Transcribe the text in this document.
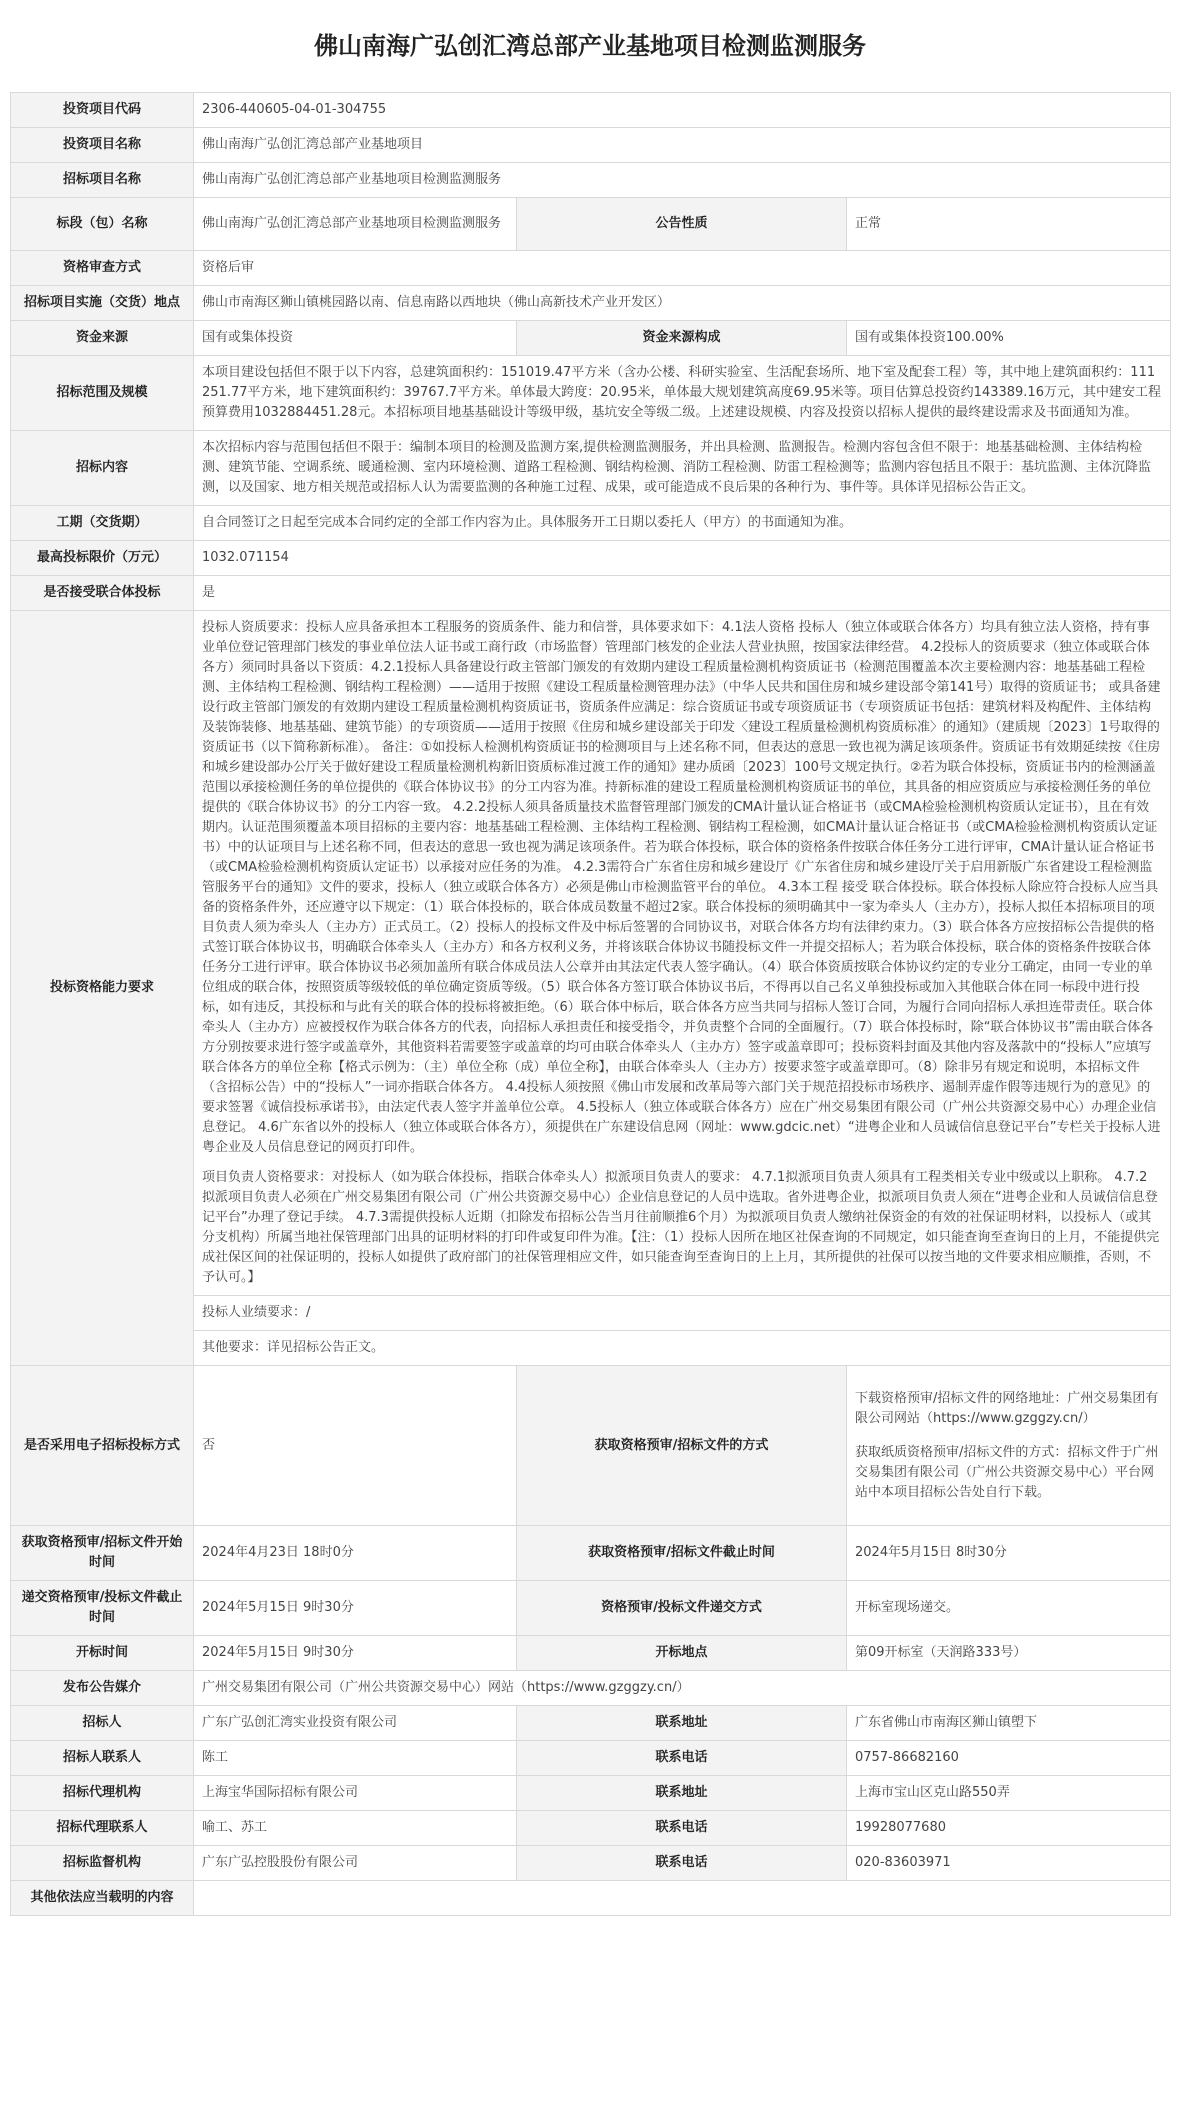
佛山南海广弘创汇湾总部产业基地项目检测监测服务
投资项目代码	2306-440605-04-01-304755		
投资项目名称	佛山南海广弘创汇湾总部产业基地项目		
招标项目名称	佛山南海广弘创汇湾总部产业基地项目检测监测服务		
标段（包）名称	佛山南海广弘创汇湾总部产业基地项目检测监测服务	公告性质	正常
资格审查方式	资格后审		
招标项目实施（交货）地点	佛山市南海区狮山镇桃园路以南、信息南路以西地块（佛山高新技术产业开发区）		
资金来源	国有或集体投资	资金来源构成	国有或集体投资100.00%
招标范围及规模	本项目建设包括但不限于以下内容，总建筑面积约：151019.47平方米（含办公楼、科研实验室、生活配套场所、地下室及配套工程）等，其中地上建筑面积约：111251.77平方米，地下建筑面积约：39767.7平方米。单体最大跨度：20.95米，单体最大规划建筑高度69.95米等。项目估算总投资约143389.16万元，其中建安工程预算费用1032884451.28元。本招标项目地基基础设计等级甲级，基坑安全等级二级。上述建设规模、内容及投资以招标人提供的最终建设需求及书面通知为准。		
招标内容	本次招标内容与范围包括但不限于：编制本项目的检测及监测方案,提供检测监测服务，并出具检测、监测报告。检测内容包含但不限于：地基基础检测、主体结构检测、建筑节能、空调系统、暖通检测、室内环境检测、道路工程检测、钢结构检测、消防工程检测、防雷工程检测等；监测内容包括且不限于：基坑监测、主体沉降监测，以及国家、地方相关规范或招标人认为需要监测的各种施工过程、成果，或可能造成不良后果的各种行为、事件等。具体详见招标公告正文。		
工期（交货期）	自合同签订之日起至完成本合同约定的全部工作内容为止。具体服务开工日期以委托人（甲方）的书面通知为准。		
最高投标限价（万元）	1032.071154		
是否接受联合体投标	是		
投标资格能力要求	投标人资质要求：投标人应具备承担本工程服务的资质条件、能力和信誉，具体要求如下：4.1法人资格 投标人（独立体或联合体各方）均具有独立法人资格，持有事业单位登记管理部门核发的事业单位法人证书或工商行政（市场监督）管理部门核发的企业法人营业执照，按国家法律经营。 4.2投标人的资质要求（独立体或联合体各方）须同时具备以下资质：4.2.1投标人具备建设行政主管部门颁发的有效期内建设工程质量检测机构资质证书（检测范围覆盖本次主要检测内容：地基基础工程检测、主体结构工程检测、钢结构工程检测）——适用于按照《建设工程质量检测管理办法》（中华人民共和国住房和城乡建设部令第141号）取得的资质证书； 或具备建设行政主管部门颁发的有效期内建设工程质量检测机构资质证书，资质条件应满足：综合资质证书或专项资质证书（专项资质证书包括：建筑材料及构配件、主体结构及装饰装修、地基基础、建筑节能）的专项资质——适用于按照《住房和城乡建设部关于印发〈建设工程质量检测机构资质标准〉的通知》（建质规〔2023〕1号取得的资质证书（以下简称新标准）。 备注：①如投标人检测机构资质证书的检测项目与上述名称不同，但表达的意思一致也视为满足该项条件。资质证书有效期延续按《住房和城乡建设部办公厅关于做好建设工程质量检测机构新旧资质标准过渡工作的通知》建办质函〔2023〕100号文规定执行。②若为联合体投标，资质证书内的检测涵盖范围以承接检测任务的单位提供的《联合体协议书》的分工内容为准。持新标准的建设工程质量检测机构资质证书的单位，其具备的相应资质应与承接检测任务的单位提供的《联合体协议书》的分工内容一致。 4.2.2投标人须具备质量技术监督管理部门颁发的CMA计量认证合格证书（或CMA检验检测机构资质认定证书），且在有效期内。认证范围须覆盖本项目招标的主要内容：地基基础工程检测、主体结构工程检测、钢结构工程检测，如CMA计量认证合格证书（或CMA检验检测机构资质认定证书）中的认证项目与上述名称不同，但表达的意思一致也视为满足该项条件。若为联合体投标，联合体的资格条件按联合体任务分工进行评审，CMA计量认证合格证书（或CMA检验检测机构资质认定证书）以承接对应任务的为准。 4.2.3需符合广东省住房和城乡建设厅《广东省住房和城乡建设厅关于启用新版广东省建设工程检测监管服务平台的通知》文件的要求，投标人（独立或联合体各方）必须是佛山市检测监管平台的单位。 4.3本工程 接受 联合体投标。联合体投标人除应符合投标人应当具备的资格条件外，还应遵守以下规定：（1）联合体投标的，联合体成员数量不超过2家。联合体投标的须明确其中一家为牵头人（主办方），投标人拟任本招标项目的项目负责人须为牵头人（主办方）正式员工。（2）投标人的投标文件及中标后签署的合同协议书，对联合体各方均有法律约束力。（3）联合体各方应按招标公告提供的格式签订联合体协议书，明确联合体牵头人（主办方）和各方权利义务，并将该联合体协议书随投标文件一并提交招标人；若为联合体投标，联合体的资格条件按联合体任务分工进行评审。联合体协议书必须加盖所有联合体成员法人公章并由其法定代表人签字确认。（4）联合体资质按联合体协议约定的专业分工确定，由同一专业的单位组成的联合体，按照资质等级较低的单位确定资质等级。（5）联合体各方签订联合体协议书后，不得再以自己名义单独投标或加入其他联合体在同一标段中进行投标，如有违反，其投标和与此有关的联合体的投标将被拒绝。（6）联合体中标后，联合体各方应当共同与招标人签订合同，为履行合同向招标人承担连带责任。联合体牵头人（主办方）应被授权作为联合体各方的代表，向招标人承担责任和接受指令，并负责整个合同的全面履行。（7）联合体投标时，除“联合体协议书”需由联合体各方分别按要求进行签字或盖章外，其他资料若需要签字或盖章的均可由联合体牵头人（主办方）签字或盖章即可；投标资料封面及其他内容及落款中的“投标人”应填写联合体各方的单位全称【格式示例为：（主）单位全称（成）单位全称】，由联合体牵头人（主办方）按要求签字或盖章即可。（8）除非另有规定和说明，本招标文件（含招标公告）中的“投标人”一词亦指联合体各方。 4.4投标人须按照《佛山市发展和改革局等六部门关于规范招投标市场秩序、遏制弄虚作假等违规行为的意见》的要求签署《诚信投标承诺书》，由法定代表人签字并盖单位公章。 4.5投标人（独立体或联合体各方）应在广州交易集团有限公司（广州公共资源交易中心）办理企业信息登记。 4.6广东省以外的投标人（独立体或联合体各方），须提供在广东建设信息网（网址：www.gdcic.net）“进粤企业和人员诚信信息登记平台”专栏关于投标人进粤企业及人员信息登记的网页打印件。

项目负责人资格要求：对投标人（如为联合体投标，指联合体牵头人）拟派项目负责人的要求： 4.7.1拟派项目负责人须具有工程类相关专业中级或以上职称。 4.7.2 拟派项目负责人必须在广州交易集团有限公司（广州公共资源交易中心）企业信息登记的人员中选取。省外进粤企业，拟派项目负责人须在“进粤企业和人员诚信信息登记平台”办理了登记手续。 4.7.3需提供投标人近期（扣除发布招标公告当月往前顺推6个月）为拟派项目负责人缴纳社保资金的有效的社保证明材料，以投标人（或其分支机构）所属当地社保管理部门出具的证明材料的打印件或复印件为准。【注：（1）投标人因所在地区社保查询的不同规定，如只能查询至查询日的上月，不能提供完成社保区间的社保证明的，投标人如提供了政府部门的社保管理相应文件，如只能查询至查询日的上上月，其所提供的社保可以按当地的文件要求相应顺推，否则，不予认可。】		

	投标人业绩要求：/		
	其他要求：详见招标公告正文。		
是否采用电子招标投标方式	否	获取资格预审/招标文件的方式	下载资格预审/招标文件的网络地址：广州交易集团有限公司网站（https://www.gzggzy.cn/）

获取纸质资格预审/招标文件的方式：招标文件于广州交易集团有限公司（广州公共资源交易中心）平台网站中本项目招标公告处自行下载。

获取资格预审/招标文件开始时间	2024年4月23日 18时0分	获取资格预审/招标文件截止时间	2024年5月15日 8时30分
递交资格预审/投标文件截止时间	2024年5月15日 9时30分	资格预审/投标文件递交方式	开标室现场递交。
开标时间	2024年5月15日 9时30分	开标地点	第09开标室（天润路333号）
发布公告媒介	广州交易集团有限公司（广州公共资源交易中心）网站（https://www.gzggzy.cn/）		
招标人	广东广弘创汇湾实业投资有限公司	联系地址	广东省佛山市南海区狮山镇塱下
招标人联系人	陈工	联系电话	0757-86682160
招标代理机构	上海宝华国际招标有限公司	联系地址	上海市宝山区克山路550弄
招标代理联系人	喻工、苏工	联系电话	19928077680
招标监督机构	广东广弘控股股份有限公司	联系电话	020-83603971
其他依法应当载明的内容			
